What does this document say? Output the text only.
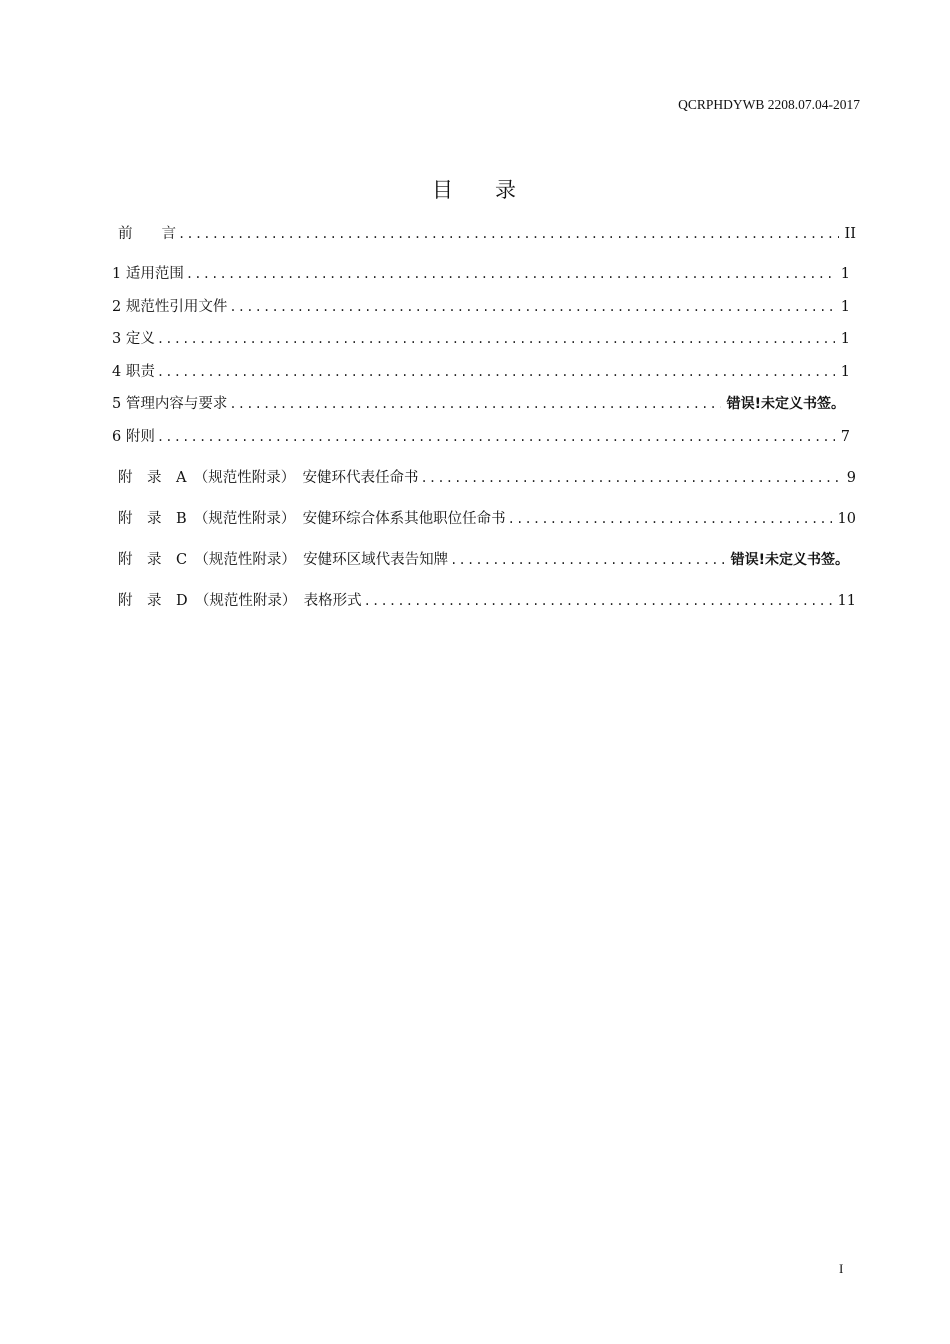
QCRPHDYWB 2208.07.04-2017
目 录
前　　言 .....	II
1 适用范围 .....	1
2 规范性引用文件 .....	1
3 定义 .....	1
4 职责 .....	1
5 管理内容与要求 .....	错误!未定义书签。
6 附则 .....	7
附　录　A　（规范性附录）　安健环代表任命书 .....	9
附　录　B　（规范性附录）　安健环综合体系其他职位任命书 .....	10
附　录　C　（规范性附录）　安健环区域代表告知牌 .....	错误!未定义书签。
附　录　D　（规范性附录）　表格形式 .....	11
I
